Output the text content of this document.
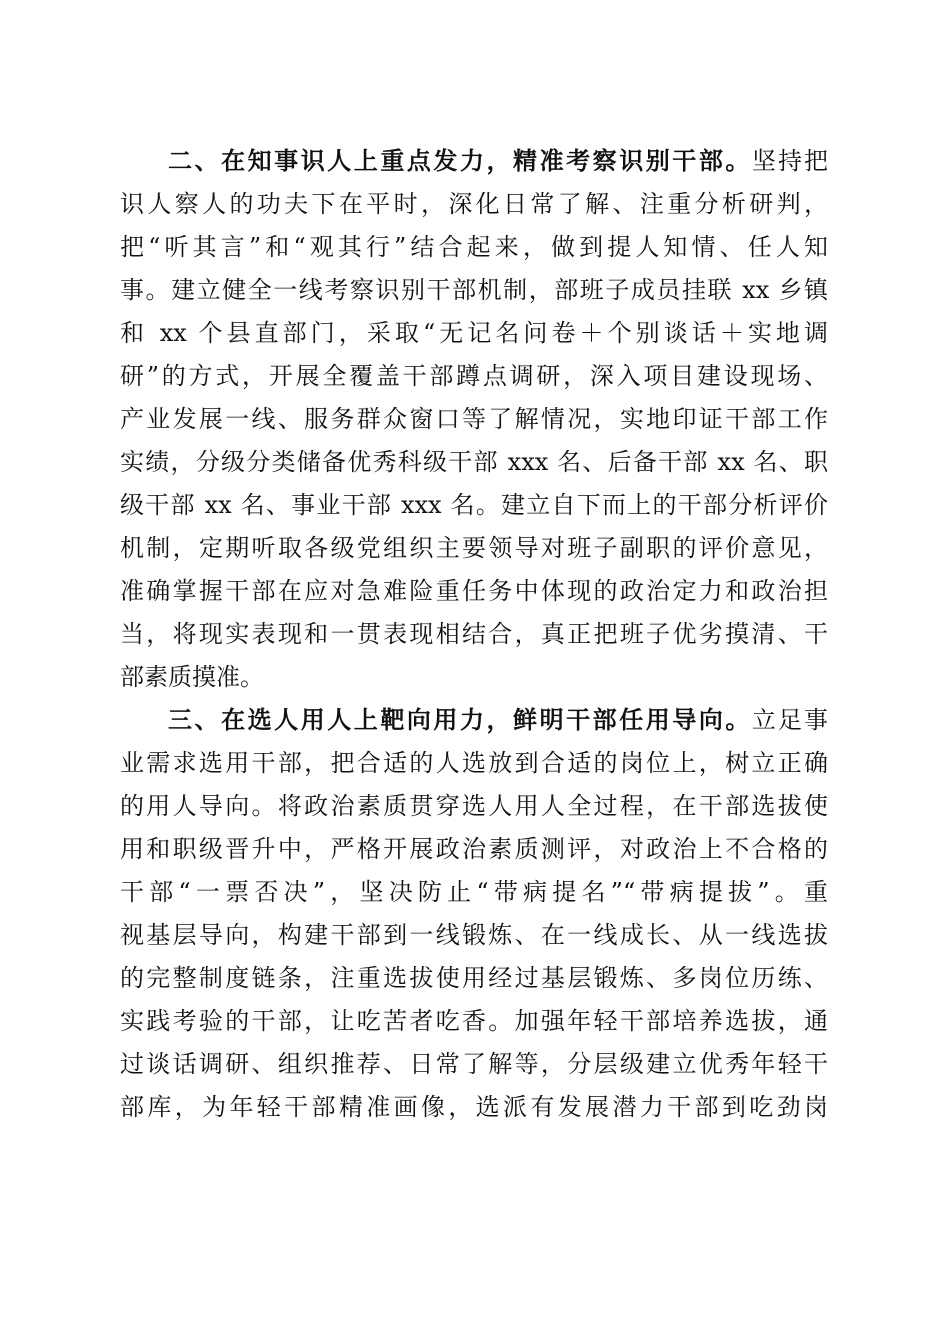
二、在知事识人上重点发力，精准考察识别干部。坚持把
识人察人的功夫下在平时，深化日常了解、注重分析研判，
把“听其言”和“观其行”结合起来，做到提人知情、任人知
事。建立健全一线考察识别干部机制，部班子成员挂联 xx 乡镇
和 xx 个县直部门，采取“无记名问卷＋个别谈话＋实地调
研”的方式，开展全覆盖干部蹲点调研，深入项目建设现场、
产业发展一线、服务群众窗口等了解情况，实地印证干部工作
实绩，分级分类储备优秀科级干部 xxx 名、后备干部 xx 名、职
级干部 xx 名、事业干部 xxx 名。建立自下而上的干部分析评价
机制，定期听取各级党组织主要领导对班子副职的评价意见，
准确掌握干部在应对急难险重任务中体现的政治定力和政治担
当，将现实表现和一贯表现相结合，真正把班子优劣摸清、干
部素质摸准。
三、在选人用人上靶向用力，鲜明干部任用导向。立足事
业需求选用干部，把合适的人选放到合适的岗位上，树立正确
的用人导向。将政治素质贯穿选人用人全过程，在干部选拔使
用和职级晋升中，严格开展政治素质测评，对政治上不合格的
干部“一票否决”，坚决防止“带病提名”“带病提拔”。重
视基层导向，构建干部到一线锻炼、在一线成长、从一线选拔
的完整制度链条，注重选拔使用经过基层锻炼、多岗位历练、
实践考验的干部，让吃苦者吃香。加强年轻干部培养选拔，通
过谈话调研、组织推荐、日常了解等，分层级建立优秀年轻干
部库，为年轻干部精准画像，选派有发展潜力干部到吃劲岗
